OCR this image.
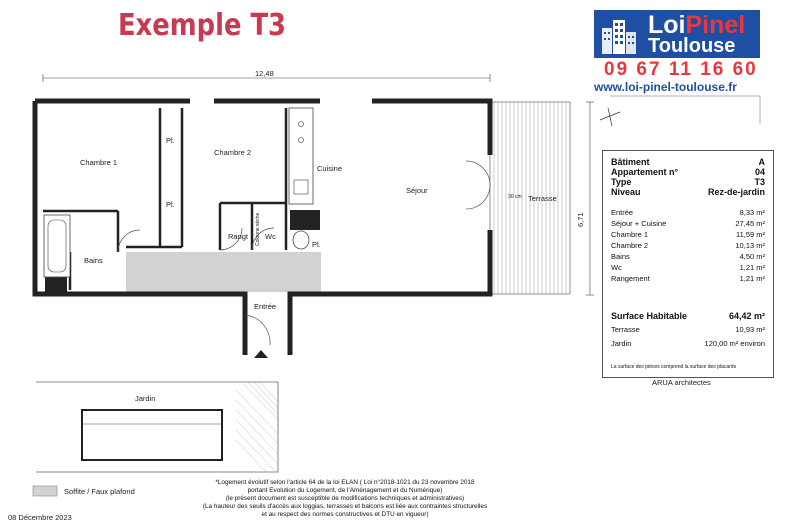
Exemple T3	LoiPinel
Toulouse
09 67 11 16 60
www.loi-pinel-toulouse.fr
12,48
6,71
Chambre 1
Chambre 2
Pl.
Pl.
Pl.
Cuisine
Séjour
Terrasse
30 cm
Rangt Wc
Colonne sèche
Bains
Entrée
Jardin
Bâtiment	A
Appartement n°	04
Type	T3
Niveau	Rez-de-jardin
Entrée	8,33 m²
Séjour + Cuisine	27,45 m²
Chambre 1	11,59 m²
Chambre 2	10,13 m²
Bains	4,50 m²
Wc	1,21 m²
Rangement	1,21 m²
Surface Habitable	64,42 m²
Terrasse	10,93 m²
Jardin	120,00 m² environ
La surface des pièces comprend la surface des placards
ARUA architectes
Soffite / Faux plafond
08 Décembre 2023
*Logement évolutif selon l'article 64 de la loi ELAN ( Loi n°2018-1021 du 23 novembre 2018
portant Evolution du Logement, de l'Aménagement et du Numérique)
(le présent document est susceptible de modifications techniques et administratives)
(La hauteur des seuils d'accès aux loggias, terrasses et balcons est liée aux contraintes structurelles
et au respect des normes constructives et DTU en vigueur)
